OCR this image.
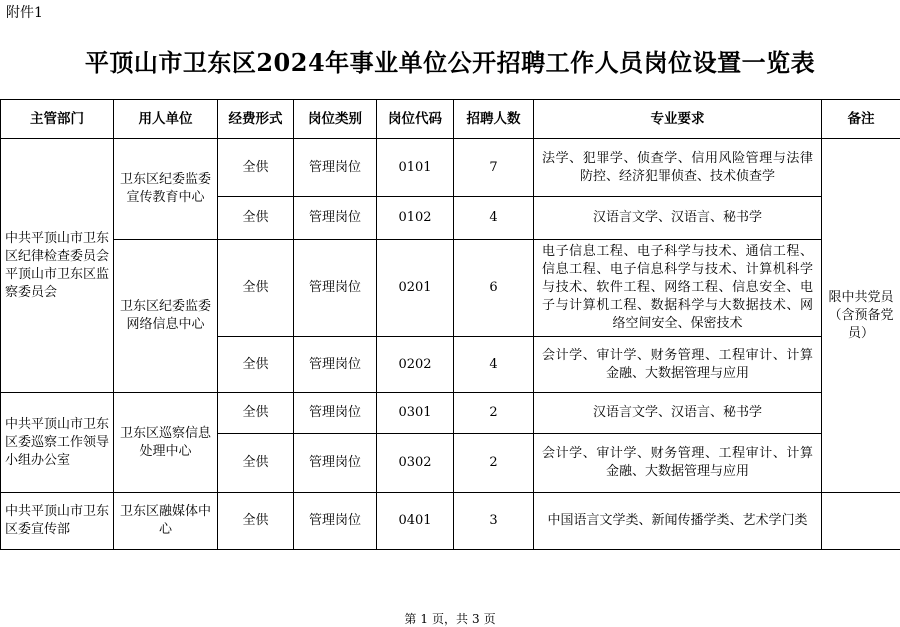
附件1
平顶山市卫东区2024年事业单位公开招聘工作人员岗位设置一览表
主管部门	用人单位	经费形式	岗位类别	岗位代码	招聘人数	专业要求	备注
中共平顶山市卫东区纪律检查委员会平顶山市卫东区监察委员会	卫东区纪委监委宣传教育中心	全供	管理岗位	0101	7	法学、犯罪学、侦查学、信用风险管理与法律防控、经济犯罪侦查、技术侦查学	限中共党员（含预备党员）
		全供	管理岗位	0102	4	汉语言文学、汉语言、秘书学	
	卫东区纪委监委网络信息中心	全供	管理岗位	0201	6	电子信息工程、电子科学与技术、通信工程、信息工程、电子信息科学与技术、计算机科学与技术、软件工程、网络工程、信息安全、电子与计算机工程、数据科学与大数据技术、网络空间安全、保密技术	
		全供	管理岗位	0202	4	会计学、审计学、财务管理、工程审计、计算金融、大数据管理与应用	
中共平顶山市卫东区委巡察工作领导小组办公室	卫东区巡察信息处理中心	全供	管理岗位	0301	2	汉语言文学、汉语言、秘书学	
		全供	管理岗位	0302	2	会计学、审计学、财务管理、工程审计、计算金融、大数据管理与应用	
中共平顶山市卫东区委宣传部	卫东区融媒体中心	全供	管理岗位	0401	3	中国语言文学类、新闻传播学类、艺术学门类	
第 1 页，共 3 页
